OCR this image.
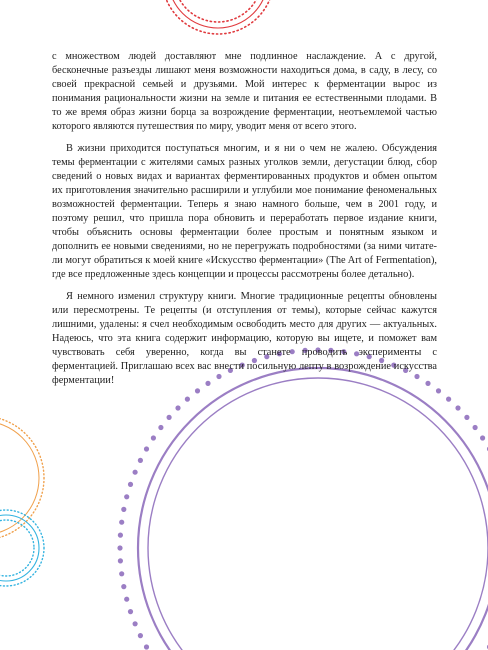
с множеством людей доставляют мне подлинное наслаждение. А с другой, бесконечные разъезды лишают меня возможности находиться дома, в саду, в лесу, со своей прекрасной семьей и друзьями. Мой интерес к ферментации вырос из понимания рациональности жизни на земле и питания ее естественными плодами. В то же время образ жизни борца за возрождение ферментации, неотъемлемой частью которого являются путешествия по миру, уводит меня от всего этого.

В жизни приходится поступаться многим, и я ни о чем не жалею. Обсуждения темы ферментации с жителями самых разных уголков земли, дегустации блюд, сбор сведений о новых видах и вариантах ферментированных продуктов и обмен опытом их приготовления значительно расширили и углубили мое понимание феноменальных возможностей ферментации. Теперь я знаю намного больше, чем в 2001 году, и поэтому решил, что пришла пора обновить и переработать первое издание книги, чтобы объяснить основы ферментации более простым и понятным языком и дополнить ее новыми сведениями, но не перегружать подробностями (за ними читатели могут обратиться к моей книге «Искусство ферментации» (The Art of Fermentation), где все предложенные здесь концепции и процессы рассмотрены более детально).

Я немного изменил структуру книги. Многие традиционные рецепты обновлены или пересмотрены. Те рецепты (и отступления от темы), которые сейчас кажутся лишними, удалены: я счел необходимым освободить место для других — актуальных. Надеюсь, что эта книга содержит информацию, которую вы ищете, и поможет вам чувствовать себя уверенно, когда вы станете проводить эксперименты с ферментацией. Приглашаю всех вас внести посильную лепту в возрождение искусства ферментации!
